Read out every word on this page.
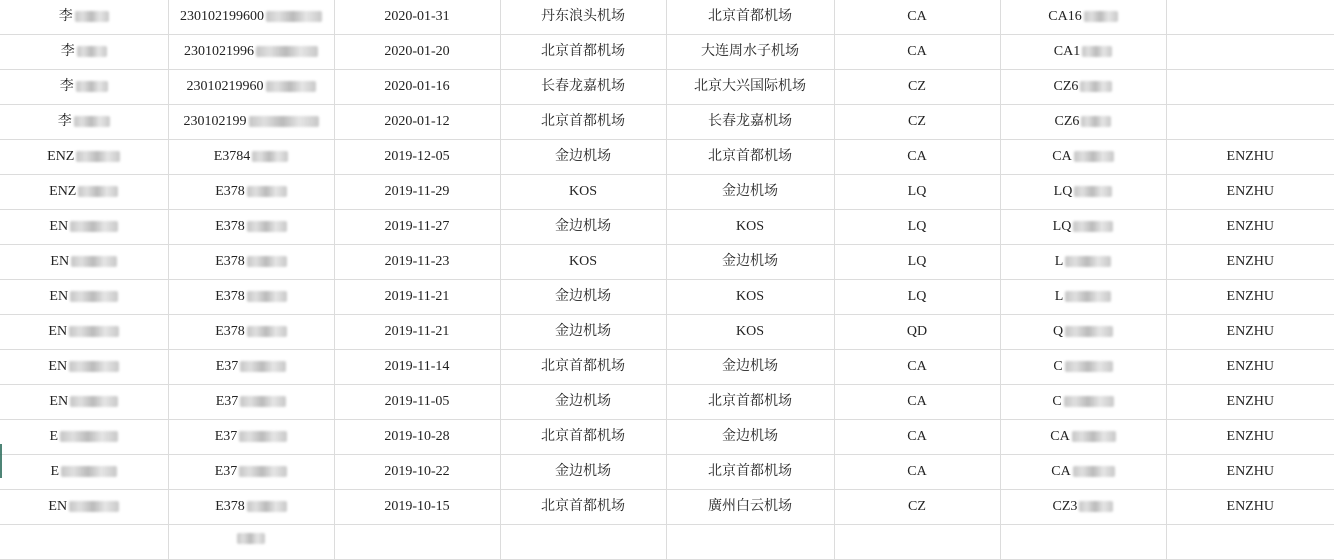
李	230102199600	2020-01-31	丹东浪头机场	北京首都机场	CA	CA16	

李	2301021996	2020-01-20	北京首都机场	大连周水子机场	CA	CA1	

李	23010219960	2020-01-16	长春龙嘉机场	北京大兴国际机场	CZ	CZ6	

李	230102199	2020-01-12	北京首都机场	长春龙嘉机场	CZ	CZ6	

ENZ	E3784	2019-12-05	金边机场	北京首都机场	CA	CA	ENZHU

ENZ	E378	2019-11-29	KOS	金边机场	LQ	LQ	ENZHU

EN	E378	2019-11-27	金边机场	KOS	LQ	LQ	ENZHU

EN	E378	2019-11-23	KOS	金边机场	LQ	L	ENZHU

EN	E378	2019-11-21	金边机场	KOS	LQ	L	ENZHU

EN	E378	2019-11-21	金边机场	KOS	QD	Q	ENZHU

EN	E37	2019-11-14	北京首都机场	金边机场	CA	C	ENZHU

EN	E37	2019-11-05	金边机场	北京首都机场	CA	C	ENZHU

E	E37	2019-10-28	北京首都机场	金边机场	CA	CA	ENZHU

E	E37	2019-10-22	金边机场	北京首都机场	CA	CA	ENZHU

EN	E378	2019-10-15	北京首都机场	廣州白云机场	CZ	CZ3	ENZHU
